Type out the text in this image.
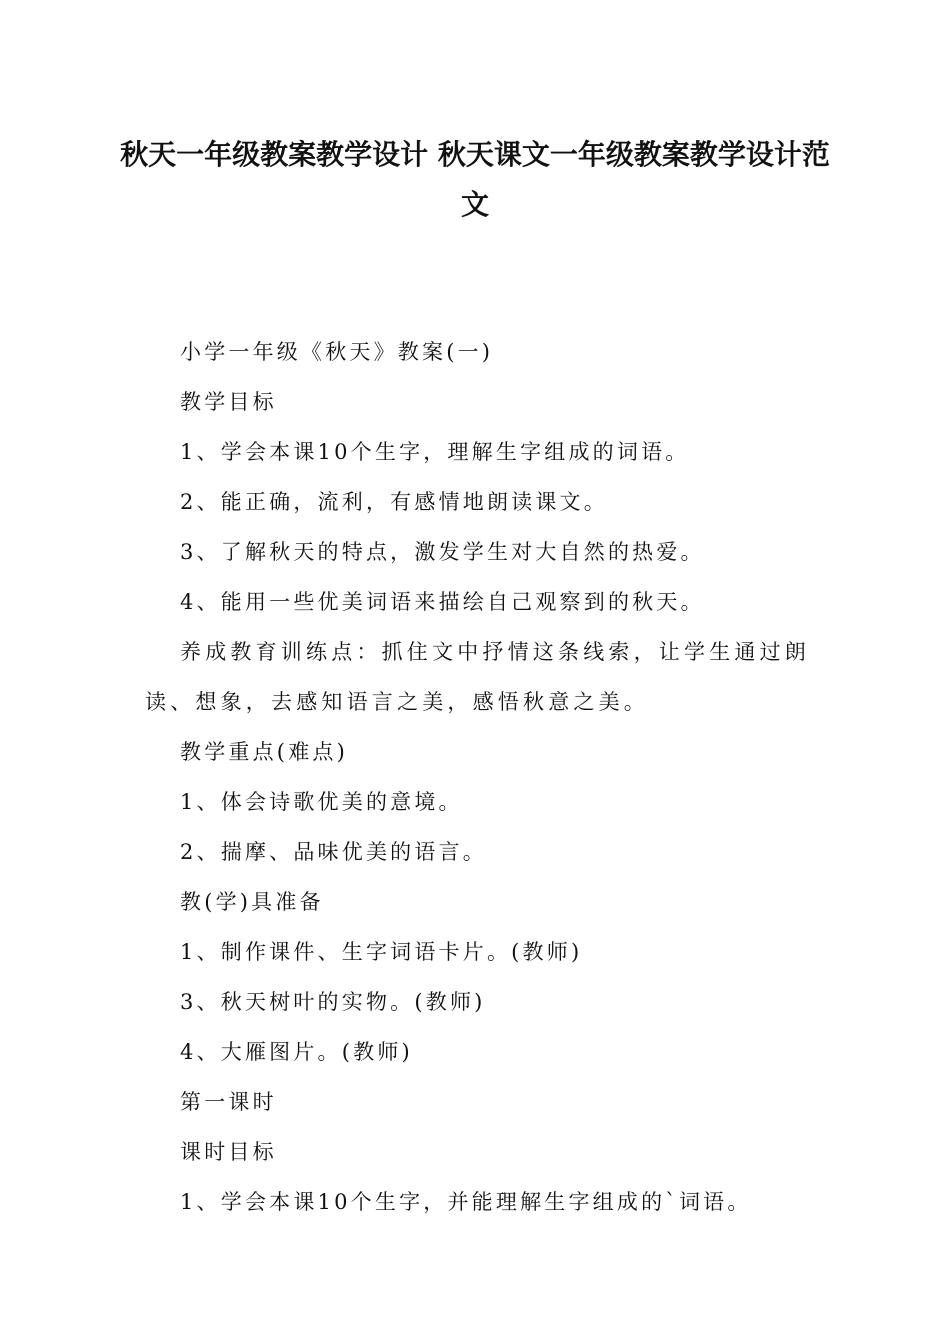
秋天一年级教案教学设计 秋天课文一年级教案教学设计范文

小学一年级《秋天》教案(一)

教学目标

1、学会本课10个生字，理解生字组成的词语。

2、能正确，流利，有感情地朗读课文。

3、了解秋天的特点，激发学生对大自然的热爱。

4、能用一些优美词语来描绘自己观察到的秋天。

养成教育训练点：抓住文中抒情这条线索，让学生通过朗读、想象，去感知语言之美，感悟秋意之美。

教学重点(难点)

1、体会诗歌优美的意境。

2、揣摩、品味优美的语言。

教(学)具准备

1、制作课件、生字词语卡片。(教师)

3、秋天树叶的实物。(教师)

4、大雁图片。(教师)

第一课时

课时目标

1、学会本课10个生字，并能理解生字组成的`词语。
